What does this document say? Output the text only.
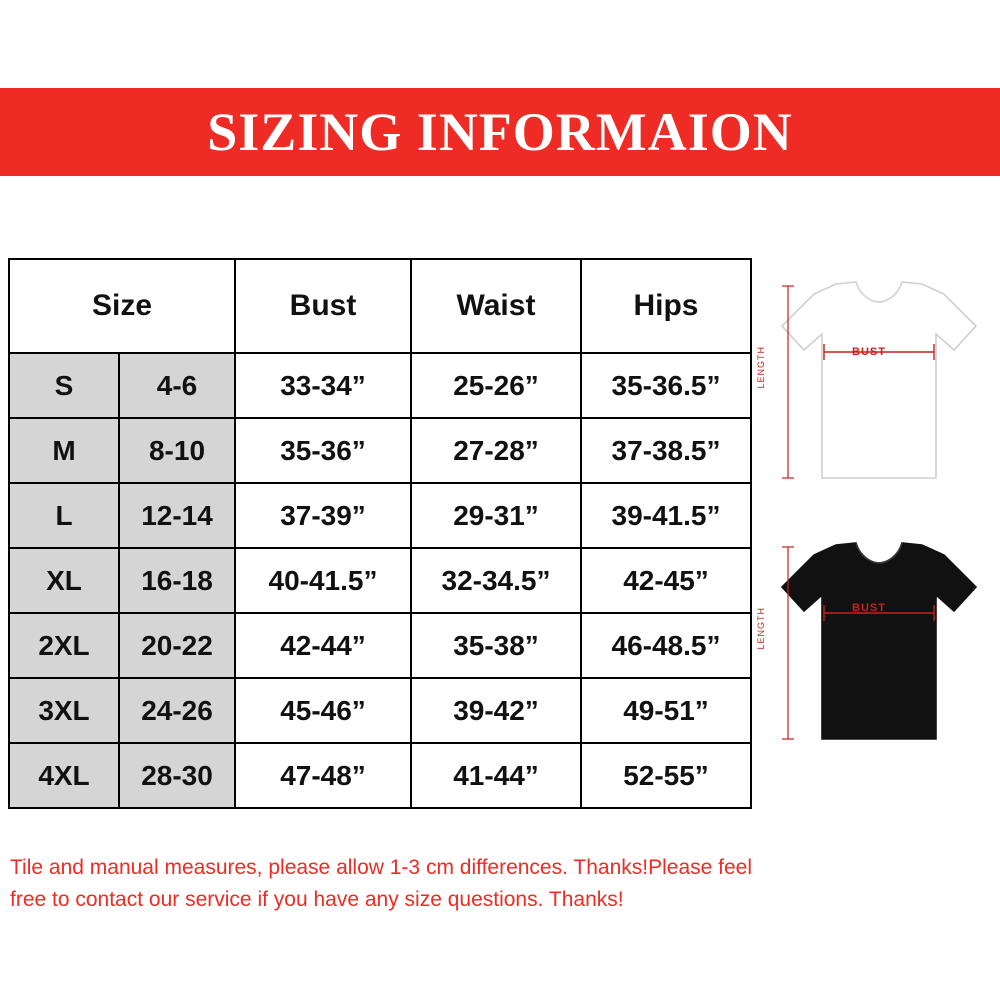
SIZING INFORMAION
Size		Bust	Waist	Hips
S	4-6	33-34”	25-26”	35-36.5”
M	8-10	35-36”	27-28”	37-38.5”
L	12-14	37-39”	29-31”	39-41.5”
XL	16-18	40-41.5”	32-34.5”	42-45”
2XL	20-22	42-44”	35-38”	46-48.5”
3XL	24-26	45-46”	39-42”	49-51”
4XL	28-30	47-48”	41-44”	52-55”
LENGTH	BUST
LENGTH	BUST
Tile and manual measures, please allow 1-3 cm differences. Thanks!Please feel
free to contact our service if you have any size questions. Thanks!
